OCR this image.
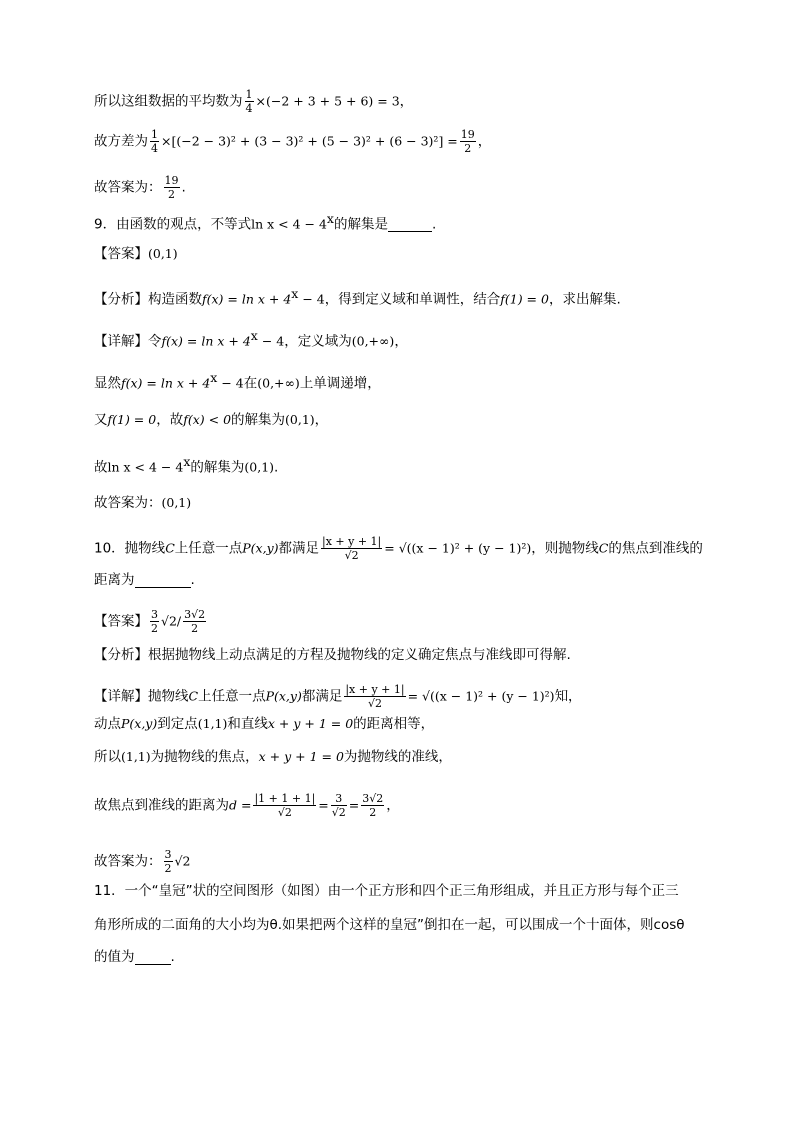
所以这组数据的平均数为 $\frac{1}{4} \times(-2 + 3 + 5 + 6) = 3$，
故方差为 $\frac{1}{4} \times[(-2 - 3)^2 + (3 - 3)^2 + (5 - 3)^2 + (6 - 3)^2] = \frac{19}{2}$ ，
故答案为： $\frac{19}{2}$ .
9．由函数的观点，不等式$\ln x < 4 - 4^x$的解集是	.
【答案】(0,1)
【分析】构造函数$f(x) = \ln x + 4^x - 4$，得到定义域和单调性，结合f(1) = 0，求出解集.
【详解】令$f(x) = \ln x + 4^x - 4$，定义域为(0,+∞)，
显然$f(x) = \ln x + 4^x - 4$在(0,+∞)上单调递增，
又f(1) = 0，故f(x) < 0的解集为(0,1)，
故$\ln x < 4 - 4^x$的解集为(0,1).
故答案为：(0,1)
10．抛物线C上任意一点P(x,y)都满足 $\frac{|x + y + 1|}{√2} = √((x - 1)^2 + (y - 1)^2)$，则抛物线C的焦点到准线的
距离为	.
【答案】 $\frac{3}{2} √2/ \frac{3√2}{2}$
【分析】根据抛物线上动点满足的方程及抛物线的定义确定焦点与准线即可得解.
【详解】抛物线C上任意一点P(x,y)都满足 $\frac{|x + y + 1|}{√2} = √((x - 1)^2 + (y - 1)^2)$知，
动点P(x,y)到定点(1,1)和直线x + y + 1 = 0的距离相等，
所以(1,1)为抛物线的焦点，x + y + 1 = 0为抛物线的准线，
故焦点到准线的距离为$d = \frac{|1 + 1 + 1|}{√2} = \frac{3}{√2} = \frac{3√2}{2}$ ，
故答案为： $\frac{3}{2} √2$
11．一个“皇冠”状的空间图形（如图）由一个正方形和四个正三角形组成，并且正方形与每个正三
角形所成的二面角的大小均为θ.如果把两个这样的皇冠”倒扣在一起，可以围成一个十面体，则cosθ
的值为	.
